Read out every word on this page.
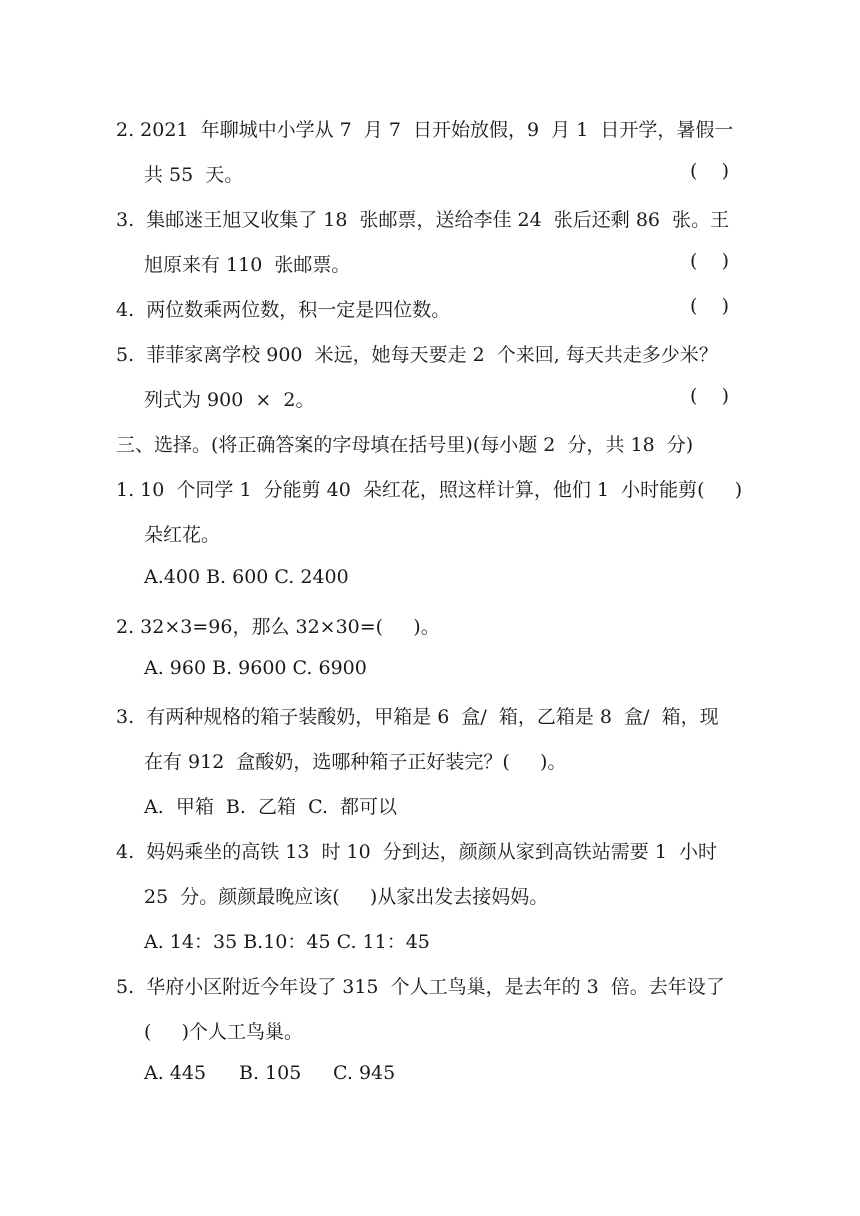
2. 2021  年聊城中小学从 7  月 7  日开始放假，9  月 1  日开学，暑假一
共 55  天。	(    )
3.  集邮迷王旭又收集了 18  张邮票，送给李佳 24  张后还剩 86  张。王
旭原来有 110  张邮票。	(    )
4.  两位数乘两位数，积一定是四位数。	(    )
5.  菲菲家离学校 900  米远，她每天要走 2  个来回, 每天共走多少米？
列式为 900  ×  2。	(    )
三、选择。(将正确答案的字母填在括号里)(每小题 2  分，共 18  分)
1. 10  个同学 1  分能剪 40  朵红花，照这样计算，他们 1  小时能剪(     )
朵红花。
A.400 B. 600 C. 2400
2. 32×3=96，那么 32×30=(     )。
A. 960 B. 9600 C. 6900
3.  有两种规格的箱子装酸奶，甲箱是 6  盒/  箱，乙箱是 8  盒/  箱，现
在有 912  盒酸奶，选哪种箱子正好装完？(     )。
A.  甲箱  B.  乙箱  C.  都可以
4.  妈妈乘坐的高铁 13  时 10  分到达，颜颜从家到高铁站需要 1  小时
25  分。颜颜最晚应该(     )从家出发去接妈妈。
A. 14：35 B.10：45 C. 11：45
5.  华府小区附近今年设了 315  个人工鸟巢，是去年的 3  倍。去年设了
(     )个人工鸟巢。
A. 445 B. 105 C. 945
